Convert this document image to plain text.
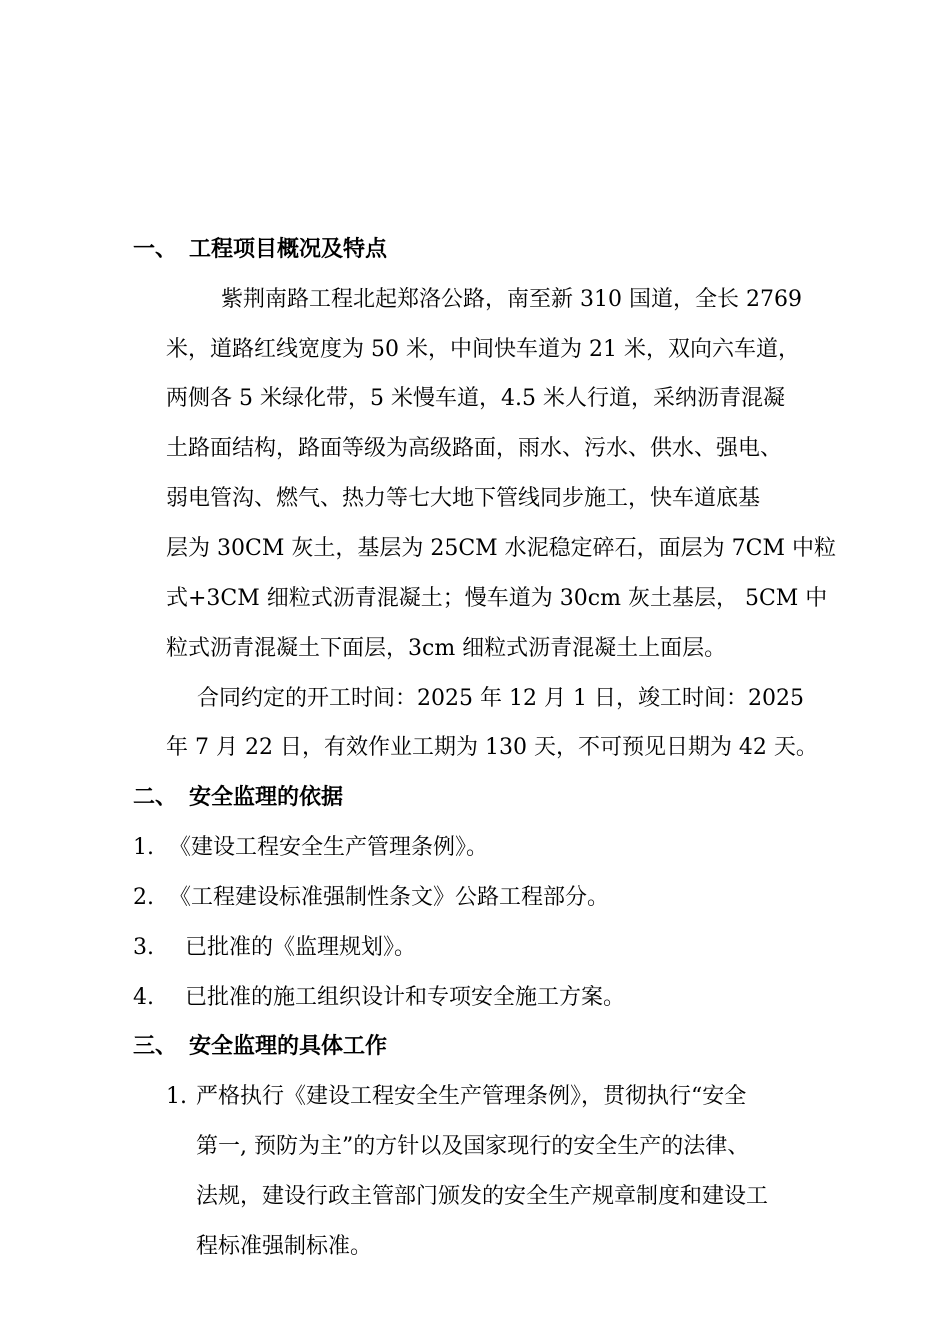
一、 工程项目概况及特点
紫荆南路工程北起郑洛公路，南至新 310 国道，全长 2769
米，道路红线宽度为 50 米，中间快车道为 21 米，双向六车道，
两侧各 5 米绿化带，5 米慢车道，4.5 米人行道，采纳沥青混凝
土路面结构，路面等级为高级路面，雨水、污水、供水、强电、
弱电管沟、燃气、热力等七大地下管线同步施工，快车道底基
层为 30CM 灰土，基层为 25CM 水泥稳定碎石，面层为 7CM 中粒
式+3CM 细粒式沥青混凝土；慢车道为 30cm 灰土基层， 5CM 中
粒式沥青混凝土下面层，3cm 细粒式沥青混凝土上面层。
合同约定的开工时间：2025 年 12 月 1 日，竣工时间：2025
年 7 月 22 日，有效作业工期为 130 天，不可预见日期为 42 天。
二、 安全监理的依据
1. 《建设工程安全生产管理条例》。
2. 《工程建设标准强制性条文》公路工程部分。
3. 已批准的《监理规划》。
4. 已批准的施工组织设计和专项安全施工方案。
三、 安全监理的具体工作
1. 严格执行《建设工程安全生产管理条例》，贯彻执行“安全
第一, 预防为主”的方针以及国家现行的安全生产的法律、
法规，建设行政主管部门颁发的安全生产规章制度和建设工
程标准强制标准。
